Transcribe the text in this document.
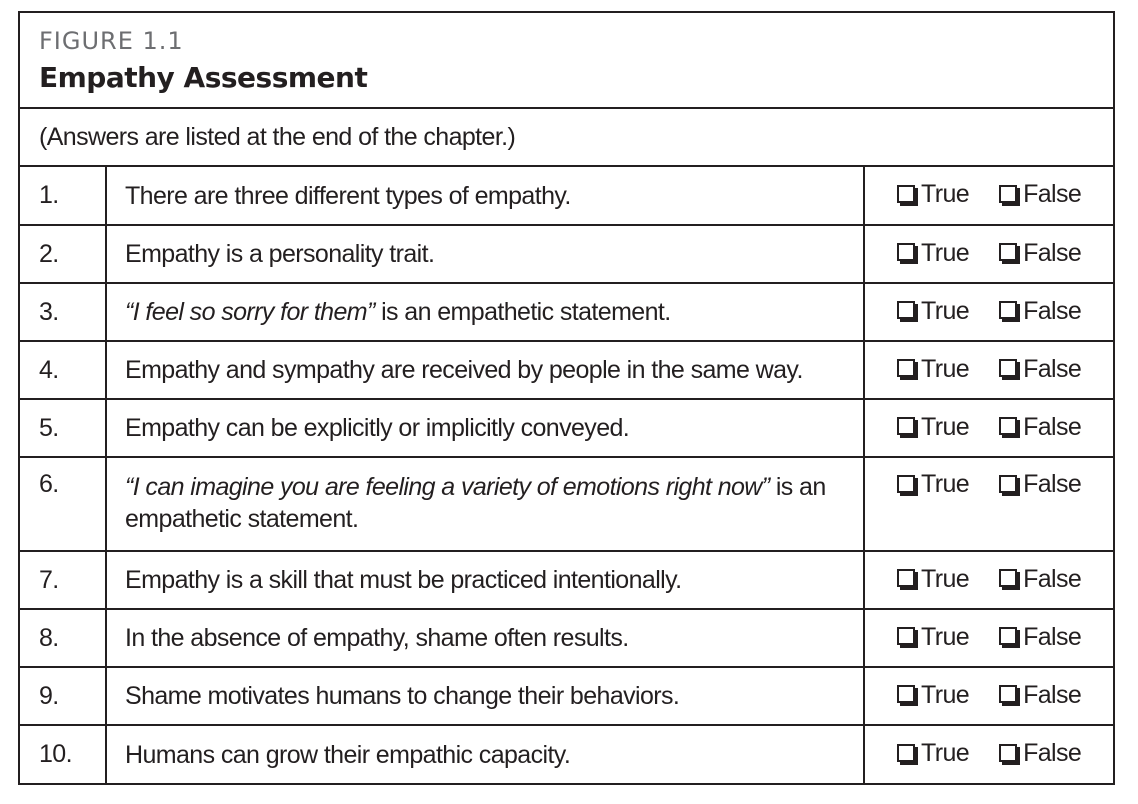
FIGURE 1.1
Empathy Assessment
(Answers are listed at the end of the chapter.)
1.	There are three different types of empathy.	True False

2.	Empathy is a personality trait.	True False

3.	“I feel so sorry for them” is an empathetic statement.	True False

4.	Empathy and sympathy are received by people in the same way.	True False

5.	Empathy can be explicitly or implicitly conveyed.	True False

6.	“I can imagine you are feeling a variety of emotions right now” is an empathetic statement.	True False

7.	Empathy is a skill that must be practiced intentionally.	True False

8.	In the absence of empathy, shame often results.	True False

9.	Shame motivates humans to change their behaviors.	True False

10.	Humans can grow their empathic capacity.	True False
